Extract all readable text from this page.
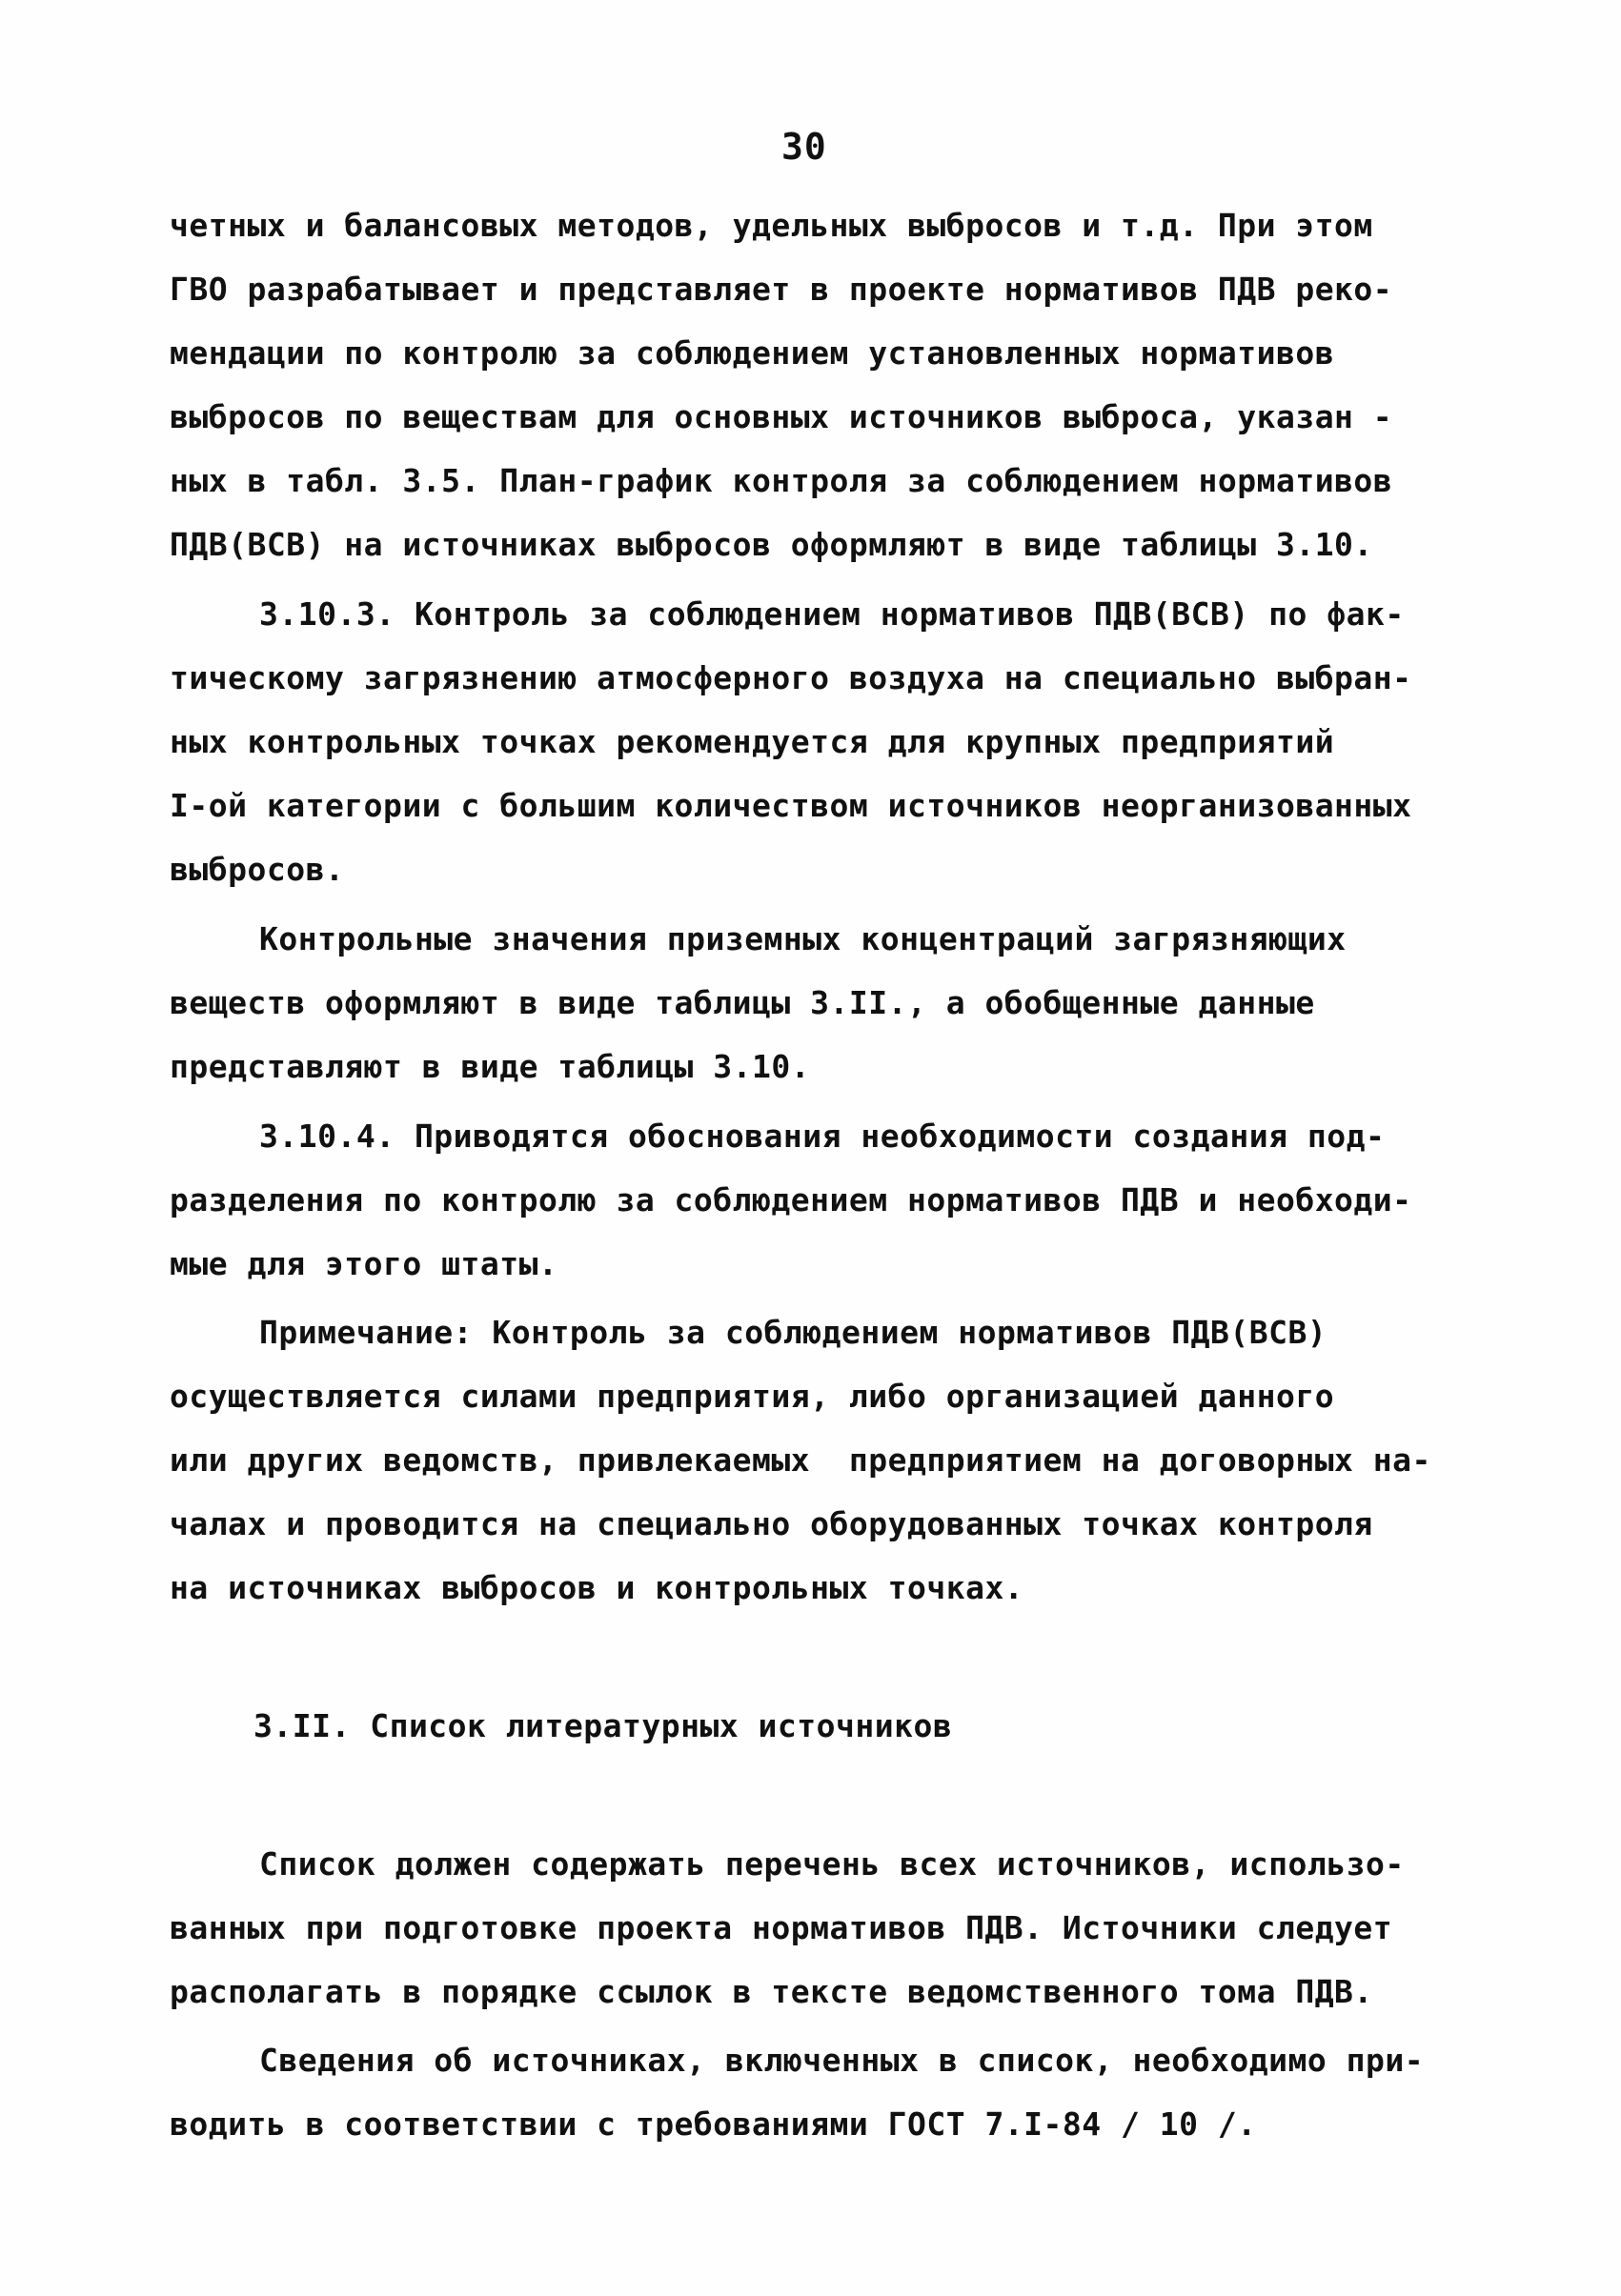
30
четных и балансовых методов, удельных выбросов и т.д. При этом
ГВО разрабатывает и представляет в проекте нормативов ПДВ реко-
мендации по контролю за соблюдением установленных нормативов
выбросов по веществам для основных источников выброса, указан -
ных в табл. 3.5. План-график контроля за соблюдением нормативов
ПДВ(ВСВ) на источниках выбросов оформляют в виде таблицы 3.10.
3.10.3. Контроль за соблюдением нормативов ПДВ(ВСВ) по фак-
тическому загрязнению атмосферного воздуха на специально выбран-
ных контрольных точках рекомендуется для крупных предприятий
I-ой категории с большим количеством источников неорганизованных
выбросов.
Контрольные значения приземных концентраций загрязняющих
веществ оформляют в виде таблицы 3.II., а обобщенные данные
представляют в виде таблицы 3.10.
3.10.4. Приводятся обоснования необходимости создания под-
разделения по контролю за соблюдением нормативов ПДВ и необходи-
мые для этого штаты.
Примечание: Контроль за соблюдением нормативов ПДВ(ВСВ)
осуществляется силами предприятия, либо организацией данного
или других ведомств, привлекаемых  предприятием на договорных на-
чалах и проводится на специально оборудованных точках контроля
на источниках выбросов и контрольных точках.
3.II. Список литературных источников
Список должен содержать перечень всех источников, использо-
ванных при подготовке проекта нормативов ПДВ. Источники следует
располагать в порядке ссылок в тексте ведомственного тома ПДВ.
Сведения об источниках, включенных в список, необходимо при-
водить в соответствии с требованиями ГОСТ 7.I-84 / 10 /.
